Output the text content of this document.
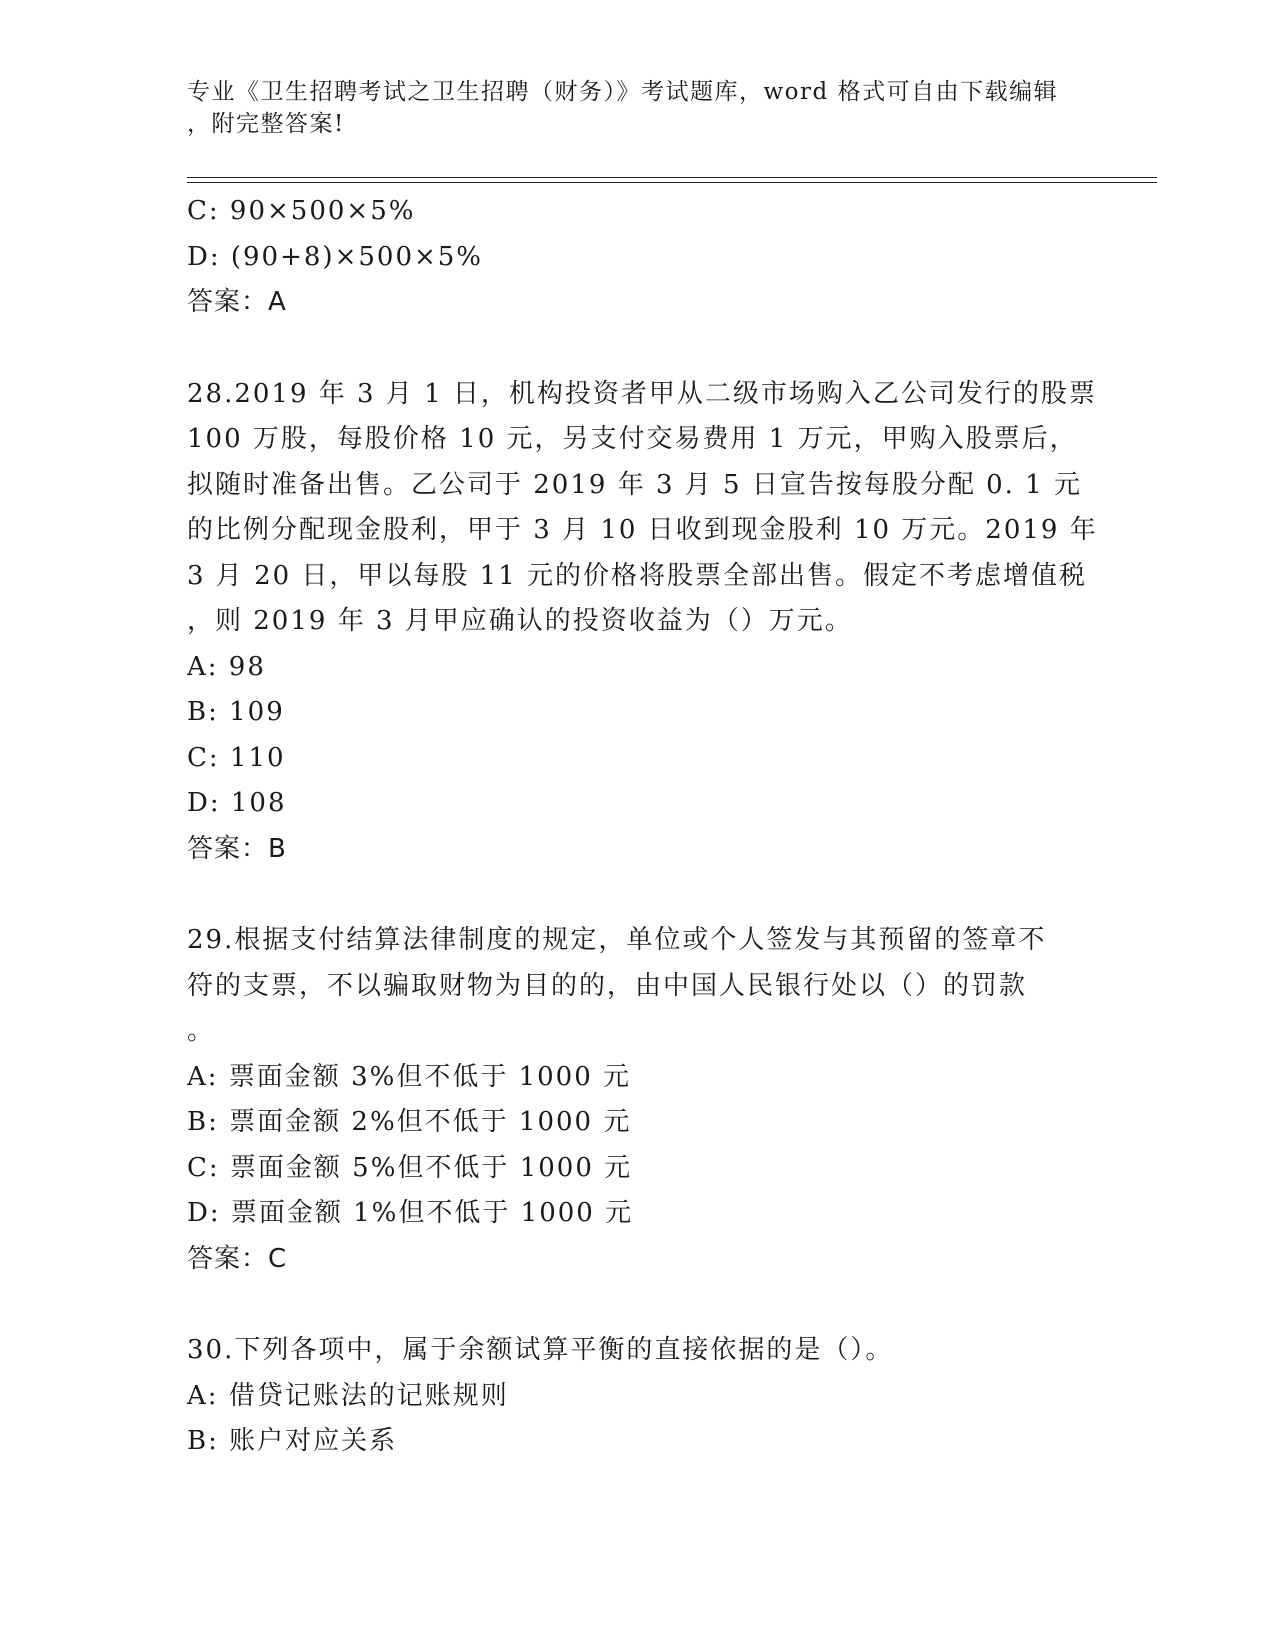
专业《卫生招聘考试之卫生招聘（财务）》考试题库，word 格式可自由下载编辑
，附完整答案!
C: 90×500×5%
D: (90+8)×500×5%
答案：A
28.2019 年 3 月 1 日，机构投资者甲从二级市场购入乙公司发行的股票
100 万股，每股价格 10 元，另支付交易费用 1 万元，甲购入股票后，
拟随时准备出售。乙公司于 2019 年 3 月 5 日宣告按每股分配 0. 1 元
的比例分配现金股利，甲于 3 月 10 日收到现金股利 10 万元。2019 年
3 月 20 日，甲以每股 11 元的价格将股票全部出售。假定不考虑增值税
，则 2019 年 3 月甲应确认的投资收益为（）万元。
A: 98
B: 109
C: 110
D: 108
答案：B
29.根据支付结算法律制度的规定，单位或个人签发与其预留的签章不
符的支票，不以骗取财物为目的的，由中国人民银行处以（）的罚款
。
A: 票面金额 3%但不低于 1000 元
B: 票面金额 2%但不低于 1000 元
C: 票面金额 5%但不低于 1000 元
D: 票面金额 1%但不低于 1000 元
答案：C
30.下列各项中，属于余额试算平衡的直接依据的是（）。
A: 借贷记账法的记账规则
B: 账户对应关系
